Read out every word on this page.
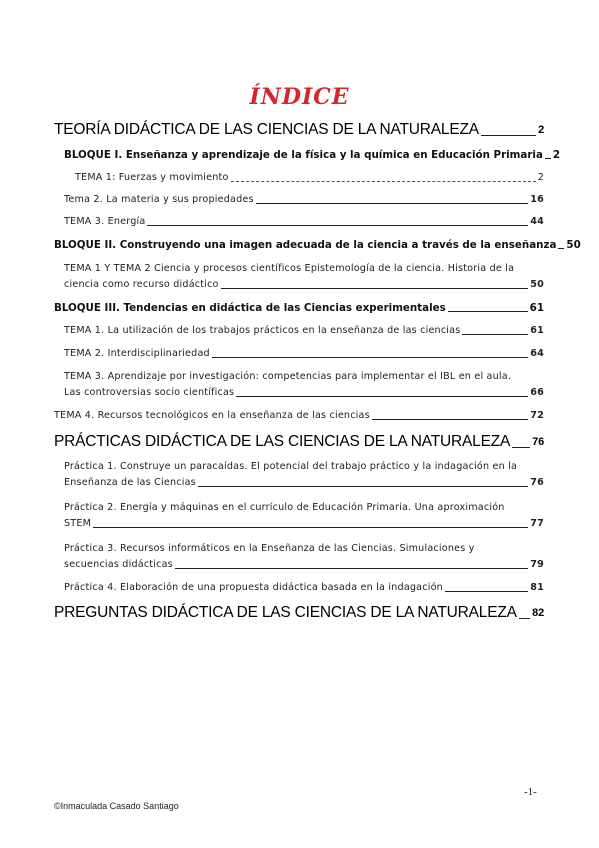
ÍNDICE
TEORÍA DIDÁCTICA DE LAS CIENCIAS DE LA NATURALEZA	2
BLOQUE I. Enseñanza y aprendizaje de la física y la química en Educación Primaria 2
TEMA 1: Fuerzas y movimiento	2
Tema 2. La materia y sus propiedades	16
TEMA 3. Energía	44
BLOQUE II. Construyendo una imagen adecuada de la ciencia a través de la enseñanza 50
TEMA 1 Y TEMA 2 Ciencia y procesos científicos Epistemología de la ciencia. Historia de la
ciencia como recurso didáctico	50
BLOQUE III. Tendencias en didáctica de las Ciencias experimentales	61
TEMA 1. La utilización de los trabajos prácticos en la enseñanza de las ciencias	61
TEMA 2. Interdisciplinariedad	64
TEMA 3. Aprendizaje por investigación: competencias para implementar el IBL en el aula.
Las controversias socio científicas	66
TEMA 4. Recursos tecnológicos en la enseñanza de las ciencias	72
PRÁCTICAS DIDÁCTICA DE LAS CIENCIAS DE LA NATURALEZA 76
Práctica 1. Construye un paracaídas. El potencial del trabajo práctico y la indagación en la
Enseñanza de las Ciencias	76
Práctica 2. Energía y máquinas en el currículo de Educación Primaria. Una aproximación
STEM	77
Práctica 3. Recursos informáticos en la Enseñanza de las Ciencias. Simulaciones y
secuencias didácticas	79
Práctica 4. Elaboración de una propuesta didáctica basada en la indagación	81
PREGUNTAS DIDÁCTICA DE LAS CIENCIAS DE LA NATURALEZA 82
-1-
©Inmaculada Casado Santiago
